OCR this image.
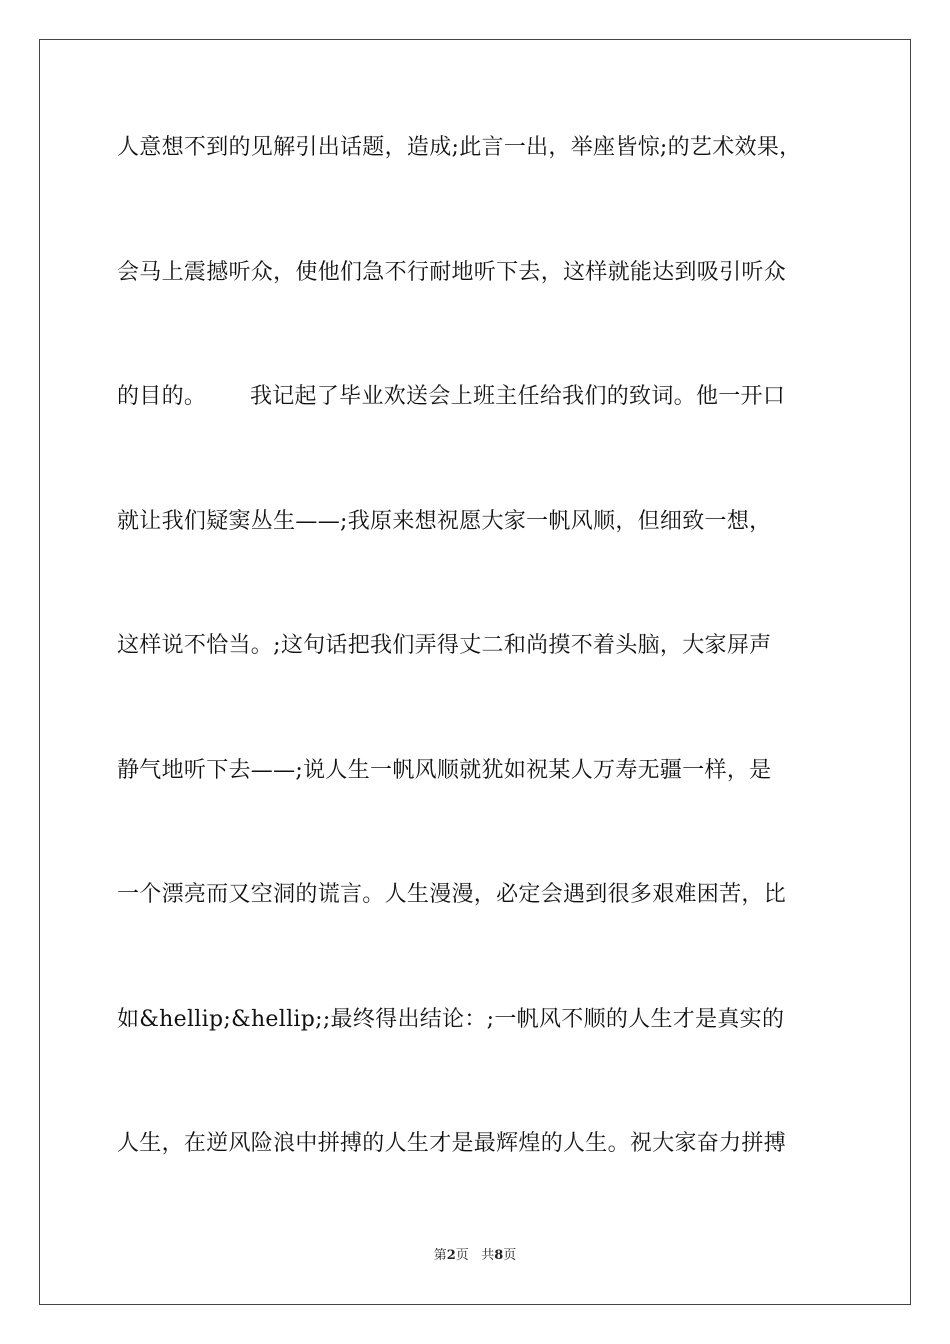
人意想不到的见解引出话题，造成;此言一出，举座皆惊;的艺术效果，
会马上震撼听众，使他们急不行耐地听下去，这样就能达到吸引听众
的目的。      我记起了毕业欢送会上班主任给我们的致词。他一开口
就让我们疑窦丛生——;我原来想祝愿大家一帆风顺，但细致一想，
这样说不恰当。;这句话把我们弄得丈二和尚摸不着头脑，大家屏声
静气地听下去——;说人生一帆风顺就犹如祝某人万寿无疆一样，是
一个漂亮而又空洞的谎言。人生漫漫，必定会遇到很多艰难困苦，比
如&hellip;&hellip;;最终得出结论：;一帆风不顺的人生才是真实的
人生，在逆风险浪中拼搏的人生才是最辉煌的人生。祝大家奋力拼搏
第2页   共8页
